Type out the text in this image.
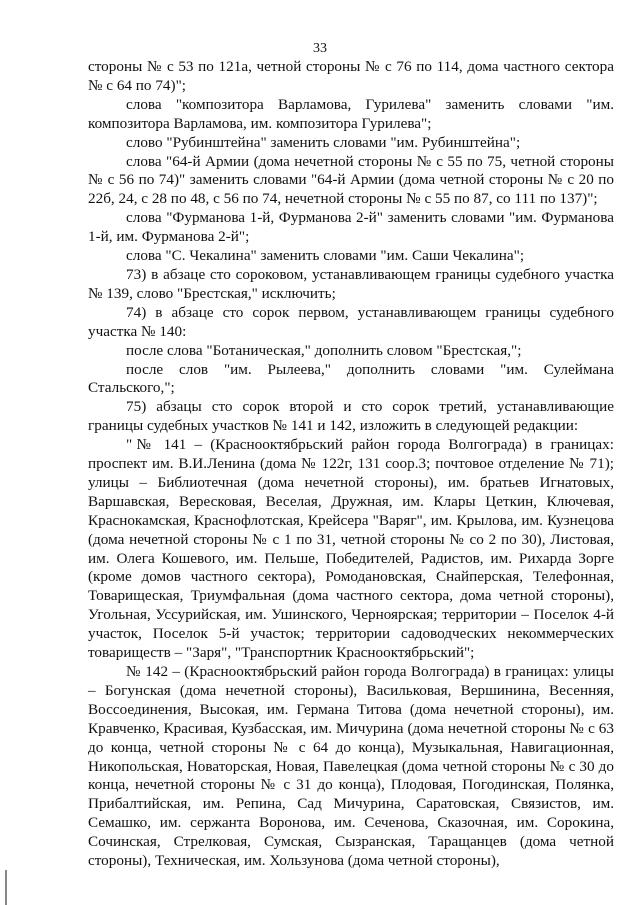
33

стороны № с 53 по 121а, четной стороны № с 76 по 114, дома частного сектора № с 64 по 74)";

слова "композитора Варламова, Гурилева" заменить словами "им. композитора Варламова, им. композитора Гурилева";

слово "Рубинштейна" заменить словами "им. Рубинштейна";

слова "64-й Армии (дома нечетной стороны № с 55 по 75, четной стороны № с 56 по 74)" заменить словами "64-й Армии (дома четной стороны № с 20 по 22б, 24, с 28 по 48, с 56 по 74, нечетной стороны № с 55 по 87, со 111 по 137)";

слова "Фурманова 1-й, Фурманова 2-й" заменить словами "им. Фурманова 1-й, им. Фурманова 2-й";

слова "С. Чекалина" заменить словами "им. Саши Чекалина";

73) в абзаце сто сороковом, устанавливающем границы судебного участка № 139, слово "Брестская," исключить;

74) в абзаце сто сорок первом, устанавливающем границы судебного участка № 140:

после слова "Ботаническая," дополнить словом "Брестская,";

после слов "им. Рылеева," дополнить словами "им. Сулеймана Стальского,";

75) абзацы сто сорок второй и сто сорок третий, устанавливающие границы судебных участков № 141 и 142, изложить в следующей редакции:

"№ 141 – (Краснооктябрьский район города Волгограда) в границах: проспект им. В.И.Ленина (дома № 122г, 131 соор.3; почтовое отделение № 71); улицы – Библиотечная (дома нечетной стороны), им. братьев Игнатовых, Варшавская, Вересковая, Веселая, Дружная, им. Клары Цеткин, Ключевая, Краснокамская, Краснофлотская, Крейсера "Варяг", им. Крылова, им. Кузнецова (дома нечетной стороны № с 1 по 31, четной стороны № со 2 по 30), Листовая, им. Олега Кошевого, им. Пельше, Победителей, Радистов, им. Рихарда Зорге (кроме домов частного сектора), Ромодановская, Снайперская, Телефонная, Товарищеская, Триумфальная (дома частного сектора, дома четной стороны), Угольная, Уссурийская, им. Ушинского, Черноярская; территории – Поселок 4-й участок, Поселок 5-й участок; территории садоводческих некоммерческих товариществ – "Заря", "Транспортник Краснооктябрьский";

№ 142 – (Краснооктябрьский район города Волгограда) в границах: улицы – Богунская (дома нечетной стороны), Васильковая, Вершинина, Весенняя, Воссоединения, Высокая, им. Германа Титова (дома нечетной стороны), им. Кравченко, Красивая, Кузбасская, им. Мичурина (дома нечетной стороны № с 63 до конца, четной стороны № с 64 до конца), Музыкальная, Навигационная, Никопольская, Новаторская, Новая, Павелецкая (дома четной стороны № с 30 до конца, нечетной стороны № с 31 до конца), Плодовая, Погодинская, Полянка, Прибалтийская, им. Репина, Сад Мичурина, Саратовская, Связистов, им. Семашко, им. сержанта Воронова, им. Сеченова, Сказочная, им. Сорокина, Сочинская, Стрелковая, Сумская, Сызранская, Таращанцев (дома четной стороны), Техническая, им. Хользунова (дома четной стороны),
